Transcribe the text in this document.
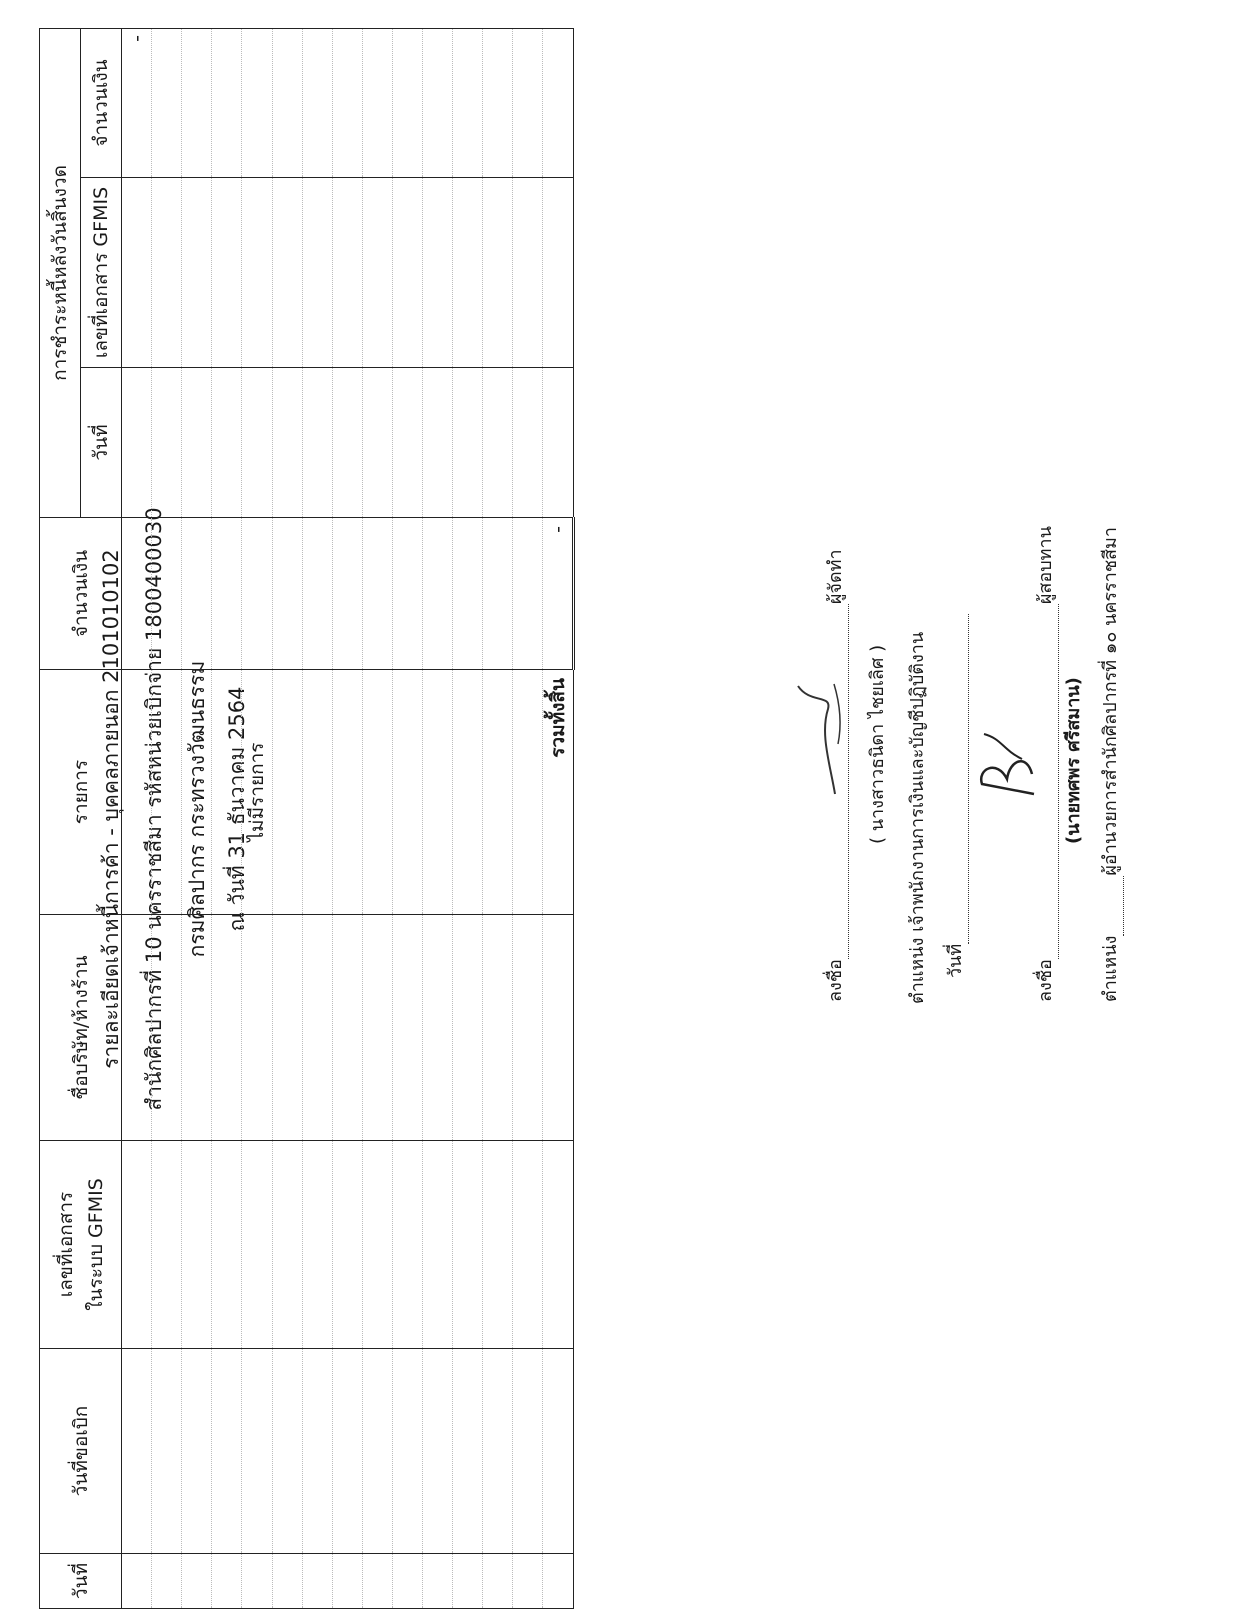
รายละเอียดเจ้าหนี้การค้า - บุคคลภายนอก 2101010102 สำนักศิลปากรที่ 10 นครราชสีมา รหัสหน่วยเบิกจ่าย 1800400030 กรมศิลปากร กระทรวงวัฒนธรรม ณ วันที่ 31 ธันวาคม 2564
วันที่	วันที่ขอเบิก	เลขที่เอกสาร ในระบบ GFMIS	ชื่อบริษัท/ห้างร้าน	รายการ	จำนวนเงิน	การชำระหนี้หลังวันสิ้นงวด		
						วันที่	เลขที่เอกสาร GFMIS	จำนวนเงิน
								-

				ไม่มีรายการ				

				รวมทั้งสิ้น	-			
ลงชื่อผู้จัดทำ
( นางสาวธนิดา ไชยเลิศ ) ตำแหน่ง เจ้าพนักงานการเงินและบัญชีปฏิบัติงาน วันที่	ลงชื่อผู้สอบทาน
(นายทศพร ศรีสมาน)
ตำแหน่งผู้อำนวยการสำนักศิลปากรที่ ๑๐ นครราชสีมา
